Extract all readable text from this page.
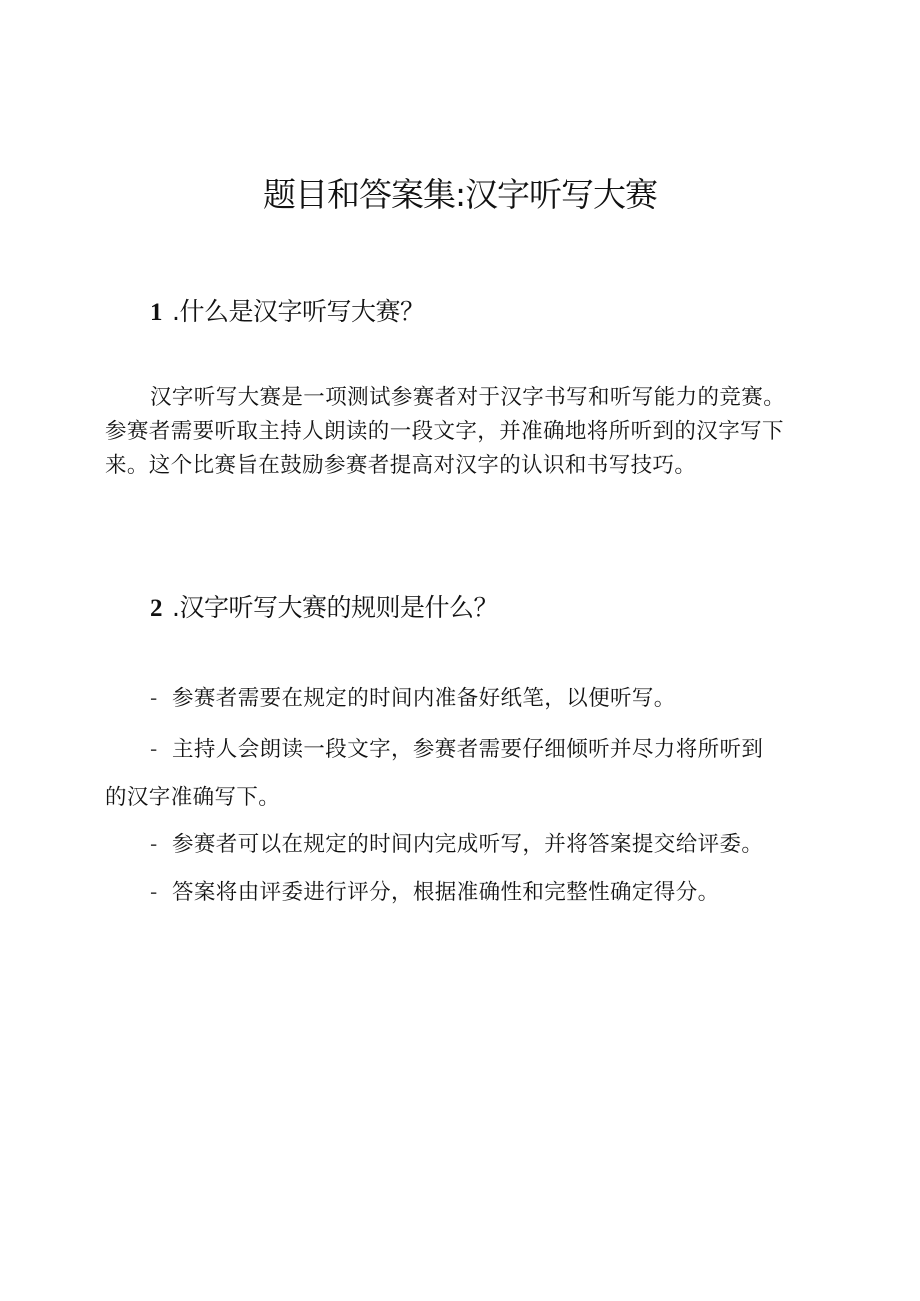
题目和答案集:汉字听写大赛
1 .什么是汉字听写大赛？
汉字听写大赛是一项测试参赛者对于汉字书写和听写能力的竞赛。
参赛者需要听取主持人朗读的一段文字，并准确地将所听到的汉字写下
来。这个比赛旨在鼓励参赛者提高对汉字的认识和书写技巧。
2 .汉字听写大赛的规则是什么？
- 参赛者需要在规定的时间内准备好纸笔，以便听写。
- 主持人会朗读一段文字，参赛者需要仔细倾听并尽力将所听到
的汉字准确写下。
- 参赛者可以在规定的时间内完成听写，并将答案提交给评委。
- 答案将由评委进行评分，根据准确性和完整性确定得分。
